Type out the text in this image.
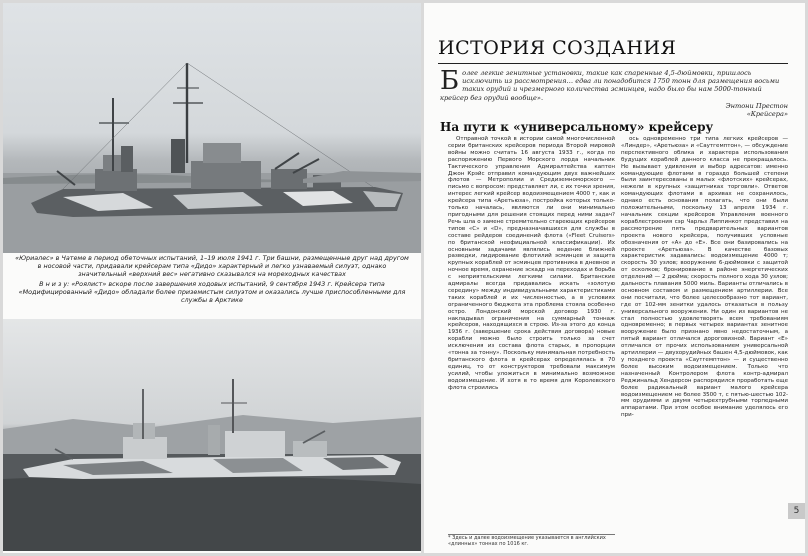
«Юриалес» в Чатеме в период обеточных испытаний, 1–19 июля 1941 г. Три башни, размещенные друг над другом в носовой части, придавали крейсерам типа «Дидо» характерный и легко узнаваемый силуэт, однако значительный «верхний вес» негативно сказывался на мореходных качествах

В н и з у: «Роялист» вскоре после завершения ходовых испытаний, 9 сентября 1943 г. Крейсера типа «Модифицированный «Дидо» обладали более приземистым силуэтом и оказались лучше приспособленными для службы в Арктике

ИСТОРИЯ СОЗДАНИЯ
Б олее легкие зенитные установки, такие как спаренные 4,5-дюймовки, пришлось исключить из рассмотрения… едва ли понадобится 1750 тонн для размещения восьми таких орудий и чрезмерного количества эсминцев, надо было бы нам 5000-тонный крейсер без орудий вообще».
Энтони Престон
«Крейсера»
На пути к «универсальному» крейсеру

Отправной точкой в истории самой многочисленной серии британских крейсеров периода Второй мировой войны можно считать 16 августа 1933 г., когда по распоряжению Первого Морского лорда начальник Тактического управления Адмиралтейства каптен Джон Крэйс отправил командующим двух важнейших флотов — Метрополии и Средиземноморского — письмо с вопросом: представляет ли, с их точки зрения, интерес легкий крейсер водоизмещением 4000 т, как и крейсера типа «Аретьюза», постройка которых только-только началась, являются ли они минимально пригодными для решения стоящих перед ними задач? Речь шла о замене стремительно стареющих крейсеров типов «С» и «D», предназначавшихся для службы в составе рейдеров соединений флота («Fleet Cruisers» по британской неофициальной классификации). Их основными задачами являлись ведение ближней разведки, лидирование флотилий эсминцев и защита крупных кораблей от эсминцев противника в дневное и ночное время, охранение эскадр на переходах и борьба с неприятельскими легкими силами. Британские адмиралы всегда придавались искать «золотую середину» между индивидуальными характеристиками таких кораблей и их численностью, а в условиях ограниченного бюджета эта проблема стояла особенно остро. Лондонский морской договор 1930 г. накладывал ограничения на суммарный тоннаж крейсеров, находящихся в строю. Из-за этого до конца 1936 г. (завершение срока действия договора) новые корабли можно было строить только за счет исключения из состава флота старых, в пропорции «тонна за тонну». Поскольку минимальная потребность британского флота в крейсерах определялась в 70 единиц, то от конструкторов требовали максимум усилий, чтобы уложиться в минимально возможное водоизмещение. И хотя в то время для Королевского флота строились

ось одновременно три типа легких крейсеров — «Линдер», «Аретьюза» и «Саутгемптон», — обсуждение перспективного облика и характера использования будущих кораблей данного класса не прекращалось. Не вызывает удивления и выбор адресатов: именно командующие флотами в гораздо большей степени были заинтересованы в малых «флотских» крейсерах, нежели в крупных «защитниках торговли». Ответов командующих флотами в архивах не сохранилось, однако есть основания полагать, что они были положительными, поскольку 13 апреля 1934 г. начальник секции крейсеров Управления военного кораблестроения сэр Чарльз Липпинкот представил на рассмотрение пять предварительных вариантов проекта нового крейсера, получивших условные обозначения от «A» до «E». Все они базировались на проекте «Аретьюза». В качестве базовых характеристик задавались: водоизмещение 4000 т; скорость 30 узлов; вооружение 6-дюймовки с защитой от осколков; бронирование в районе энергетических отделений — 2 дюйма; скорость полного хода 30 узлов; дальность плавания 5000 миль. Варианты отличались в основном составом и размещением артиллерии. Все они посчитали, что более целесообразно тот вариант, где от 102-мм зенитки удалось отказаться в пользу универсального вооружения. Ни один из вариантов не стал полностью удовлетворять всем требованиям одновременно; в первых четырех вариантах зенитное вооружение было признано явно недостаточным, а пятый вариант отличался дороговизной. Вариант «Е» отличался от прочих использованием универсальной артиллерии — двухорудийных башен 4,5-дюймовок, как у позднего проекта «Саутгемптон» — и существенно более высоким водоизмещением. Только что назначенный Контролером флота контр-адмирал Реджинальд Хендерсон распорядился проработать еще более радикальный вариант малого крейсера водоизмещением не более 3500 т, с пятью-шестью 102-мм орудиями и двумя четырехтрубными торпедными аппаратами. При этом особое внимание уделялось его при-

* Здесь и далее водоизмещение указывается в английских «длинных» тоннах по 1016 кг.
5
